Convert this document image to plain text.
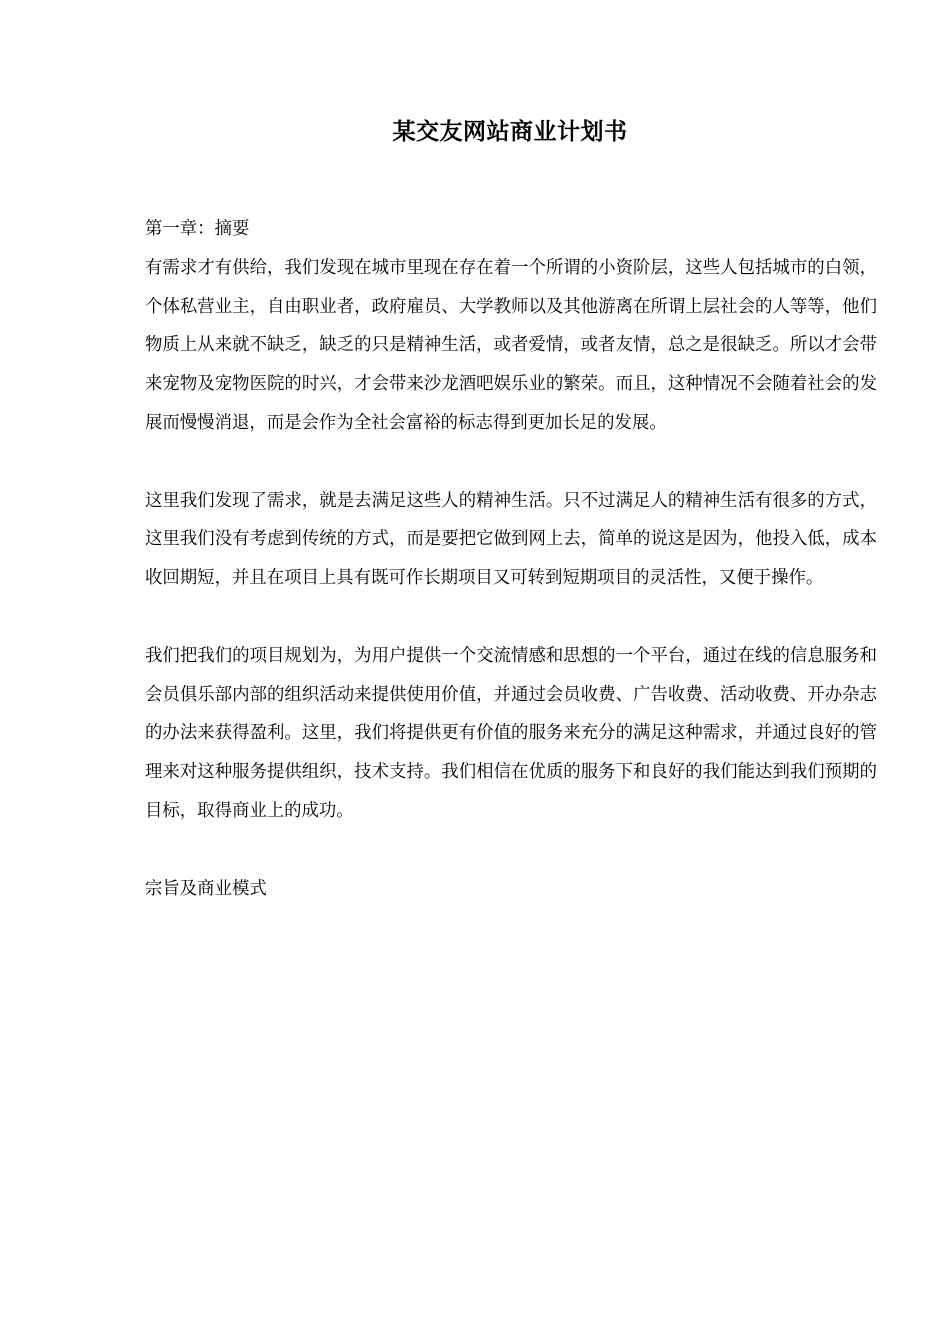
某交友网站商业计划书

第一章：摘要

有需求才有供给，我们发现在城市里现在存在着一个所谓的小资阶层，这些人包括城市的白领，个体私营业主，自由职业者，政府雇员、大学教师以及其他游离在所谓上层社会的人等等，他们物质上从来就不缺乏，缺乏的只是精神生活，或者爱情，或者友情，总之是很缺乏。所以才会带来宠物及宠物医院的时兴，才会带来沙龙酒吧娱乐业的繁荣。而且，这种情况不会随着社会的发展而慢慢消退，而是会作为全社会富裕的标志得到更加长足的发展。

这里我们发现了需求，就是去满足这些人的精神生活。只不过满足人的精神生活有很多的方式，这里我们没有考虑到传统的方式，而是要把它做到网上去，简单的说这是因为，他投入低，成本收回期短，并且在项目上具有既可作长期项目又可转到短期项目的灵活性，又便于操作。

我们把我们的项目规划为，为用户提供一个交流情感和思想的一个平台，通过在线的信息服务和会员俱乐部内部的组织活动来提供使用价值，并通过会员收费、广告收费、活动收费、开办杂志的办法来获得盈利。这里，我们将提供更有价值的服务来充分的满足这种需求，并通过良好的管理来对这种服务提供组织，技术支持。我们相信在优质的服务下和良好的我们能达到我们预期的目标，取得商业上的成功。

宗旨及商业模式
